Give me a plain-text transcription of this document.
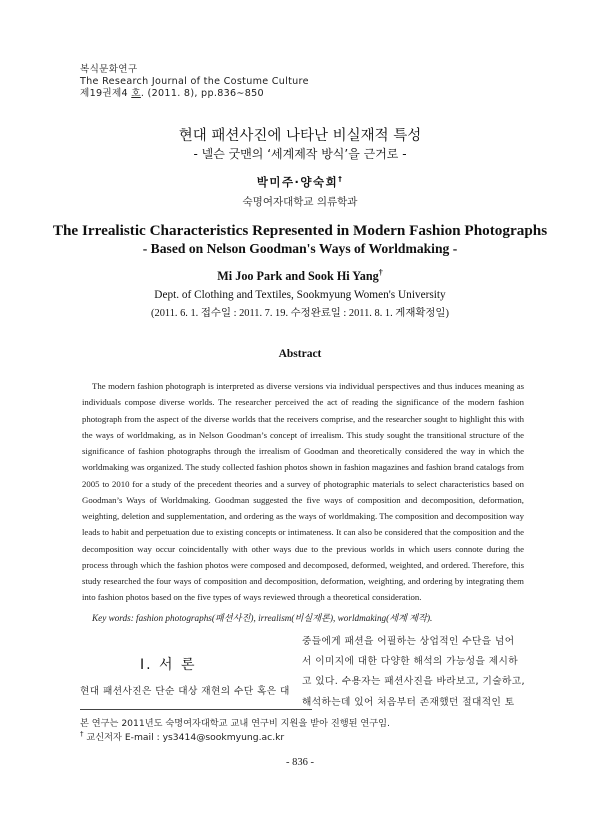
복식문화연구
The Research Journal of the Costume Culture
제19권제4 호. (2011. 8), pp.836∼850
현대 패션사진에 나타난 비실재적 특성
- 넬슨 굿맨의 ‘세계제작 방식’을 근거로 -
박미주·양숙희†
숙명여자대학교 의류학과
The Irrealistic Characteristics Represented in Modern Fashion Photographs
- Based on Nelson Goodman's Ways of Worldmaking -
Mi Joo Park and Sook Hi Yang†
Dept. of Clothing and Textiles, Sookmyung Women's University
(2011. 6. 1. 접수일 : 2011. 7. 19. 수정완료일 : 2011. 8. 1. 게재확정일)
Abstract
The modern fashion photograph is interpreted as diverse versions via individual perspectives and thus induces meaning as individuals compose diverse worlds. The researcher perceived the act of reading the significance of the modern fashion photograph from the aspect of the diverse worlds that the receivers comprise, and the researcher sought to highlight this with the ways of worldmaking, as in Nelson Goodman’s concept of irrealism. This study sought the transitional structure of the significance of fashion photographs through the irrealism of Goodman and theoretically considered the way in which the worldmaking was organized. The study collected fashion photos shown in fashion magazines and fashion brand catalogs from 2005 to 2010 for a study of the precedent theories and a survey of photographic materials to select characteristics based on Goodman’s Ways of Worldmaking. Goodman suggested the five ways of composition and decomposition, deformation, weighting, deletion and supplementation, and ordering as the ways of worldmaking. The composition and decomposition way leads to habit and perpetuation due to existing concepts or intimateness. It can also be considered that the composition and the decomposition way occur coincidentally with other ways due to the previous worlds in which users connote during the process through which the fashion photos were composed and decomposed, deformed, weighted, and ordered. Therefore, this study researched the four ways of composition and decomposition, deformation, weighting, and ordering by integrating them into fashion photos based on the five types of ways reviewed through a theoretical consideration.
Key words: fashion photographs(패션사진), irrealism(비실재론), worldmaking(세계 제작).
Ⅰ. 서 론
현대 패션사진은 단순 대상 재현의 수단 혹은 대
중들에게 패션을 어필하는 상업적인 수단을 넘어
서 이미지에 대한 다양한 해석의 가능성을 제시하
고 있다. 수용자는 패션사진을 바라보고, 기술하고,
해석하는데 있어 처음부터 존재했던 절대적인 토
본 연구는 2011년도 숙명여자대학교 교내 연구비 지원을 받아 진행된 연구임.
† 교신저자 E-mail : ys3414@sookmyung.ac.kr
- 836 -
